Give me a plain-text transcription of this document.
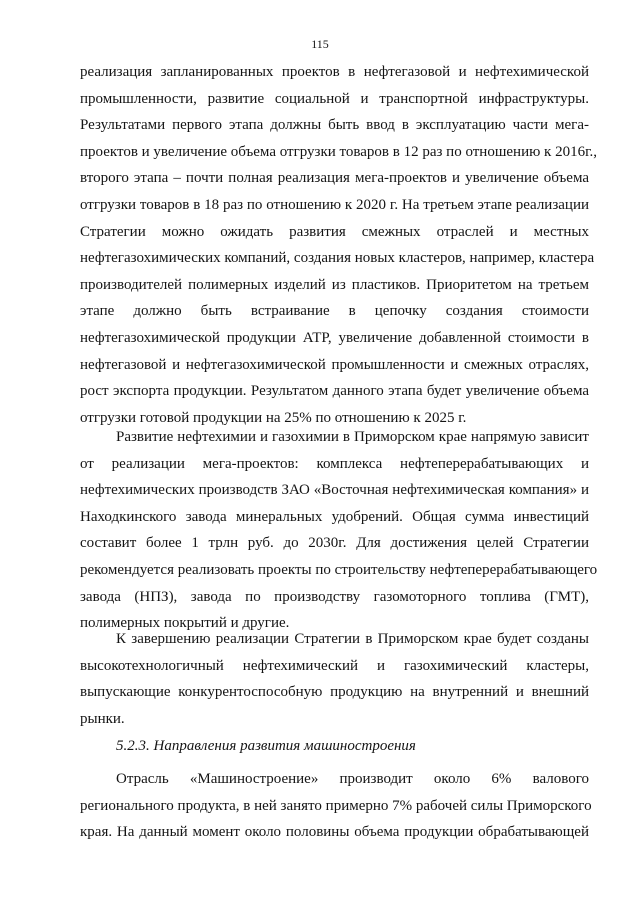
115

реализация запланированных проектов в нефтегазовой и нефтехимической

промышленности, развитие социальной и транспортной инфраструктуры.

Результатами первого этапа должны быть ввод в эксплуатацию части мега-

проектов и увеличение объема отгрузки товаров в 12 раз по отношению к 2016г.,

второго этапа – почти полная реализация мега-проектов и увеличение объема

отгрузки товаров в 18 раз по отношению к 2020 г. На третьем этапе реализации

Стратегии можно ожидать развития смежных отраслей и местных

нефтегазохимических компаний, создания новых кластеров, например, кластера

производителей полимерных изделий из пластиков. Приоритетом на третьем

этапе должно быть встраивание в цепочку создания стоимости

нефтегазохимической продукции АТР, увеличение добавленной стоимости в

нефтегазовой и нефтегазохимической промышленности и смежных отраслях,

рост экспорта продукции. Результатом данного этапа будет увеличение объема

отгрузки готовой продукции на 25% по отношению к 2025 г.

Развитие нефтехимии и газохимии в Приморском крае напрямую зависит

от реализации мега-проектов: комплекса нефтеперерабатывающих и

нефтехимических производств ЗАО «Восточная нефтехимическая компания» и

Находкинского завода минеральных удобрений. Общая сумма инвестиций

составит более 1 трлн руб. до 2030г. Для достижения целей Стратегии

рекомендуется реализовать проекты по строительству нефтеперерабатывающего

завода (НПЗ), завода по производству газомоторного топлива (ГМТ),

полимерных покрытий и другие.

К завершению реализации Стратегии в Приморском крае будет созданы

высокотехнологичный нефтехимический и газохимический кластеры,

выпускающие конкурентоспособную продукцию на внутренний и внешний

рынки.

5.2.3. Направления развития машиностроения

Отрасль «Машиностроение» производит около 6% валового

регионального продукта, в ней занято примерно 7% рабочей силы Приморского

края. На данный момент около половины объема продукции обрабатывающей
